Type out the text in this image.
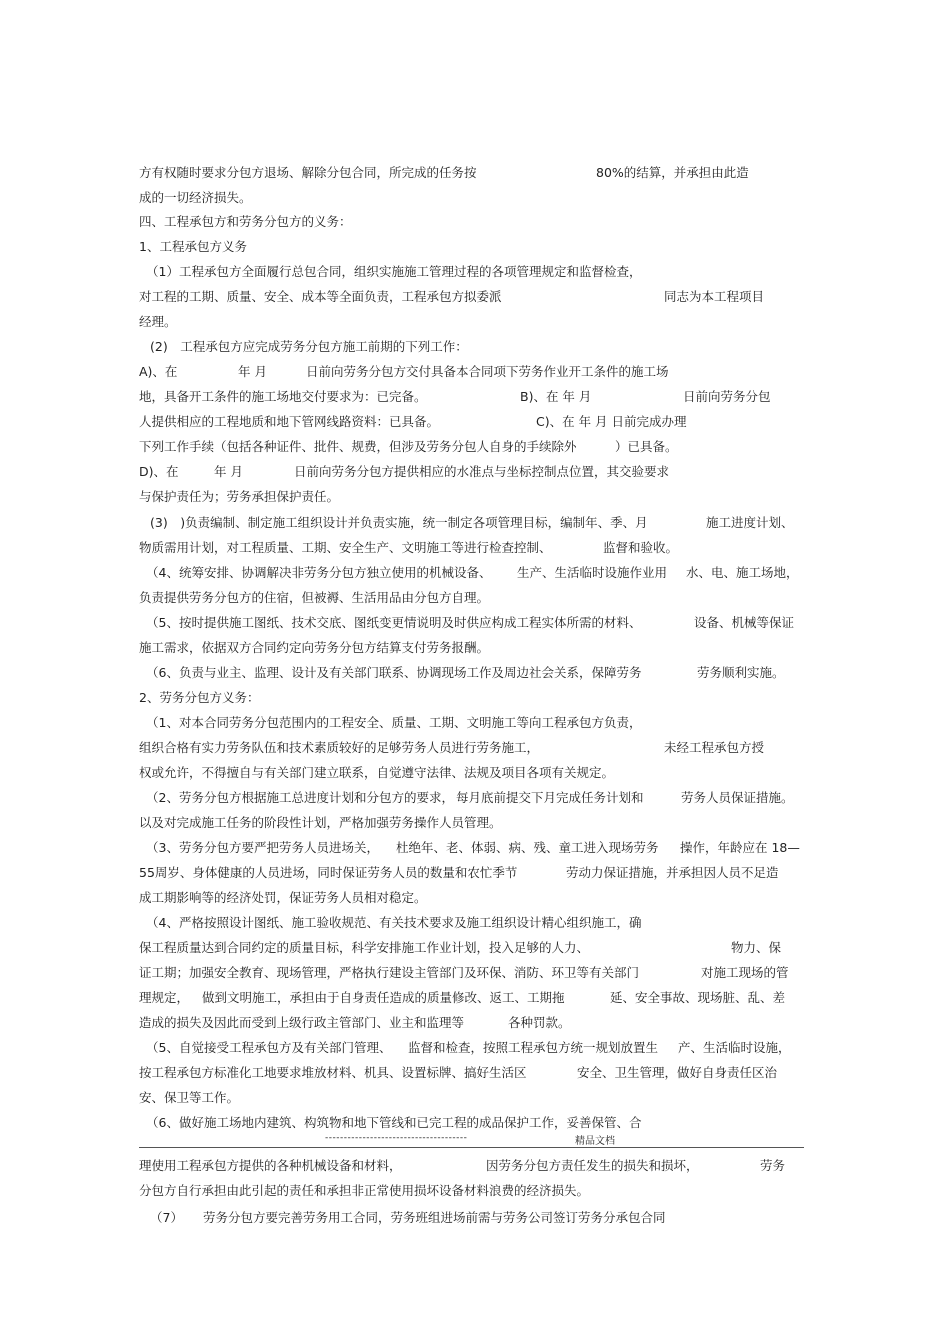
方有权随时要求分包方退场、解除分包合同，所完成的任务按	80%的结算，并承担由此造
成的一切经济损失。
四、工程承包方和劳务分包方的义务：
1、工程承包方义务
（1）工程承包方全面履行总包合同，组织实施施工管理过程的各项管理规定和监督检查，
对工程的工期、质量、安全、成本等全面负责，工程承包方拟委派	同志为本工程项目
经理。
(2)　工程承包方应完成劳务分包方施工前期的下列工作：
A)、在	年 月	日前向劳务分包方交付具备本合同项下劳务作业开工条件的施工场
地，具备开工条件的施工场地交付要求为：已完备。	B)、在 年 月	日前向劳务分包
人提供相应的工程地质和地下管网线路资料：已具备。	C)、在 年 月 日前完成办理
下列工作手续（包括各种证件、批件、规费，但涉及劳务分包人自身的手续除外	）已具备。
D)、在	年 月	日前向劳务分包方提供相应的水准点与坐标控制点位置，其交验要求
与保护责任为；劳务承担保护责任。
(3)　)负责编制、制定施工组织设计并负责实施，统一制定各项管理目标，编制年、季、月	施工进度计划、
物质需用计划，对工程质量、工期、安全生产、文明施工等进行检查控制、	监督和验收。
（4、统筹安排、协调解决非劳务分包方独立使用的机械设备、 生产、生活临时设施作业用 水、电、施工场地，
负责提供劳务分包方的住宿，但被褥、生活用品由分包方自理。
（5、按时提供施工图纸、技术交底、图纸变更情说明及时供应构成工程实体所需的材料、	设备、机械等保证
施工需求，依据双方合同约定向劳务分包方结算支付劳务报酬。
（6、负责与业主、监理、设计及有关部门联系、协调现场工作及周边社会关系，保障劳务	劳务顺利实施。
2、劳务分包方义务：
（1、对本合同劳务分包范围内的工程安全、质量、工期、文明施工等向工程承包方负责，
组织合格有实力劳务队伍和技术素质较好的足够劳务人员进行劳务施工，	未经工程承包方授
权或允许，不得擅自与有关部门建立联系，自觉遵守法律、法规及项目各项有关规定。
（2、劳务分包方根据施工总进度计划和分包方的要求， 每月底前提交下月完成任务计划和	劳务人员保证措施。
以及对完成施工任务的阶段性计划，严格加强劳务操作人员管理。
（3、劳务分包方要严把劳务人员进场关， 杜绝年、老、体弱、病、残、童工进入现场劳务 操作，年龄应在 18—
55周岁、身体健康的人员进场，同时保证劳务人员的数量和农忙季节	劳动力保证措施，并承担因人员不足造
成工期影响等的经济处罚，保证劳务人员相对稳定。
（4、严格按照设计图纸、施工验收规范、有关技术要求及施工组织设计精心组织施工，确
保工程质量达到合同约定的质量目标，科学安排施工作业计划，投入足够的人力、	物力、保
证工期；加强安全教育、现场管理，严格执行建设主管部门及环保、消防、环卫等有关部门	对施工现场的管
理规定， 做到文明施工，承担由于自身责任造成的质量修改、返工、工期拖	延、安全事故、现场脏、乱、差
造成的损失及因此而受到上级行政主管部门、业主和监理等	各种罚款。
（5、自觉接受工程承包方及有关部门管理、 监督和检查，按照工程承包方统一规划放置生 产、生活临时设施，
按工程承包方标准化工地要求堆放材料、机具、设置标牌、搞好生活区	安全、卫生管理，做好自身责任区治
安、保卫等工作。
（6、做好施工场地内建筑、构筑物和地下管线和已完工程的成品保护工作，妥善保管、合
--------------------------------------	精品文档
理使用工程承包方提供的各种机械设备和材料，	因劳务分包方责任发生的损失和损坏，	劳务
分包方自行承担由此引起的责任和承担非正常使用损坏设备材料浪费的经济损失。
（7） 劳务分包方要完善劳务用工合同，劳务班组进场前需与劳务公司签订劳务分承包合同
